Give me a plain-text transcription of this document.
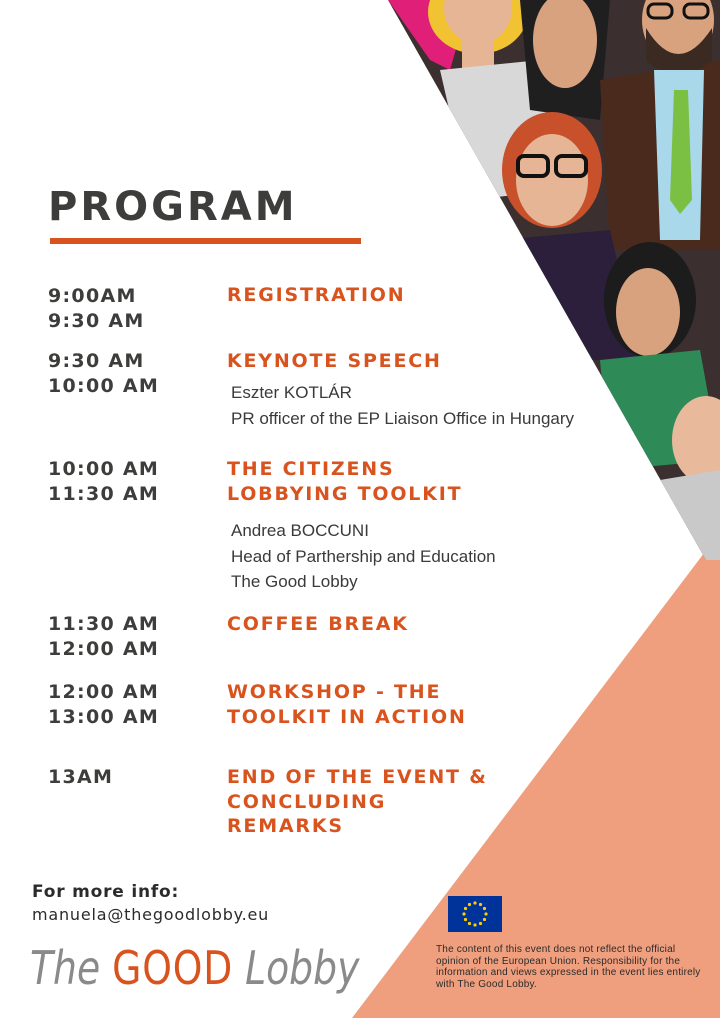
PROGRAM
9:00AM
9:30 AM
REGISTRATION
9:30 AM
10:00 AM
KEYNOTE SPEECH
Eszter KOTLÁR
PR officer of the EP Liaison Office in Hungary
10:00 AM
11:30 AM
THE CITIZENS
LOBBYING TOOLKIT
Andrea BOCCUNI
Head of Parthership and Education
The Good Lobby
11:30 AM
12:00 AM
COFFEE BREAK
12:00 AM
13:00 AM
WORKSHOP - THE
TOOLKIT IN ACTION
13AM	END OF THE EVENT &
CONCLUDING
REMARKS
For more info:
manuela@thegoodlobby.eu
The GOOD Lobby	The content of this event does not reflect the official opinion of the European Union. Responsibility for the information and views expressed in the event lies entirely with The Good Lobby.
